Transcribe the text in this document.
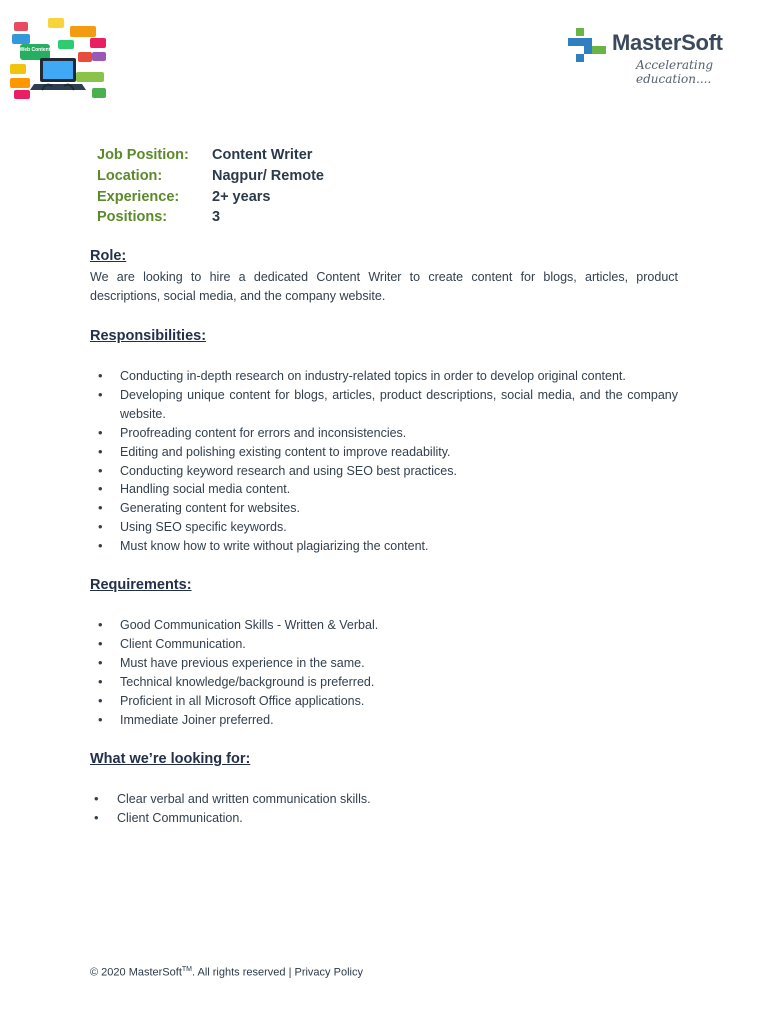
Web Content	MasterSoft
Accelerating education....
Job Position:	Content Writer
Location:	Nagpur/ Remote
Experience:	2+ years
Positions:	3
Role:
We are looking to hire a dedicated Content Writer to create content for blogs, articles, product descriptions, social media, and the company website.
Responsibilities:
• Conducting in-depth research on industry-related topics in order to develop original content.
• Developing unique content for blogs, articles, product descriptions, social media, and the company website.
• Proofreading content for errors and inconsistencies.
• Editing and polishing existing content to improve readability.
• Conducting keyword research and using SEO best practices.
• Handling social media content.
• Generating content for websites.
• Using SEO specific keywords.
• Must know how to write without plagiarizing the content.
Requirements:
• Good Communication Skills - Written & Verbal.
• Client Communication.
• Must have previous experience in the same.
• Technical knowledge/background is preferred.
• Proficient in all Microsoft Office applications.
• Immediate Joiner preferred.
What we’re looking for:
• Clear verbal and written communication skills.
• Client Communication.
© 2020 MasterSoft™. All rights reserved | Privacy Policy
